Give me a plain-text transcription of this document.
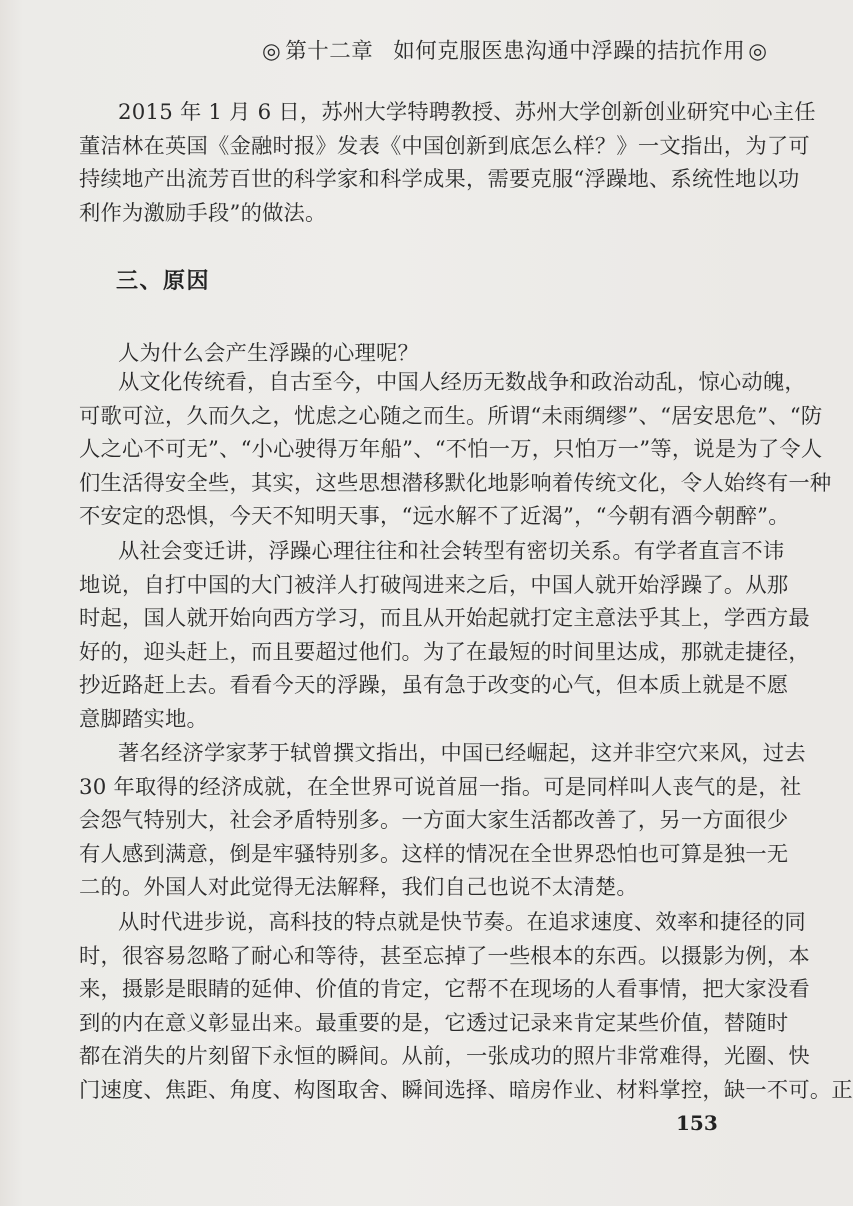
◎ 第十二章 如何克服医患沟通中浮躁的拮抗作用 ◎
2015 年 1 月 6 日，苏州大学特聘教授、苏州大学创新创业研究中心主任
董洁林在英国《金融时报》发表《中国创新到底怎么样？》一文指出，为了可
持续地产出流芳百世的科学家和科学成果，需要克服“浮躁地、系统性地以功
利作为激励手段”的做法。
三、原因
人为什么会产生浮躁的心理呢？
从文化传统看，自古至今，中国人经历无数战争和政治动乱，惊心动魄，
可歌可泣，久而久之，忧虑之心随之而生。所谓“未雨绸缪”、“居安思危”、“防
人之心不可无”、“小心驶得万年船”、“不怕一万，只怕万一”等，说是为了令人
们生活得安全些，其实，这些思想潜移默化地影响着传统文化，令人始终有一种
不安定的恐惧，今天不知明天事，“远水解不了近渴”，“今朝有酒今朝醉”。
从社会变迁讲，浮躁心理往往和社会转型有密切关系。有学者直言不讳
地说，自打中国的大门被洋人打破闯进来之后，中国人就开始浮躁了。从那
时起，国人就开始向西方学习，而且从开始起就打定主意法乎其上，学西方最
好的，迎头赶上，而且要超过他们。为了在最短的时间里达成，那就走捷径，
抄近路赶上去。看看今天的浮躁，虽有急于改变的心气，但本质上就是不愿
意脚踏实地。
著名经济学家茅于轼曾撰文指出，中国已经崛起，这并非空穴来风，过去
30 年取得的经济成就，在全世界可说首屈一指。可是同样叫人丧气的是，社
会怨气特别大，社会矛盾特别多。一方面大家生活都改善了，另一方面很少
有人感到满意，倒是牢骚特别多。这样的情况在全世界恐怕也可算是独一无
二的。外国人对此觉得无法解释，我们自己也说不太清楚。
从时代进步说，高科技的特点就是快节奏。在追求速度、效率和捷径的同
时，很容易忽略了耐心和等待，甚至忘掉了一些根本的东西。以摄影为例，本
来，摄影是眼睛的延伸、价值的肯定，它帮不在现场的人看事情，把大家没看
到的内在意义彰显出来。最重要的是，它透过记录来肯定某些价值，替随时
都在消失的片刻留下永恒的瞬间。从前，一张成功的照片非常难得，光圈、快
门速度、焦距、角度、构图取舍、瞬间选择、暗房作业、材料掌控，缺一不可。正
153
